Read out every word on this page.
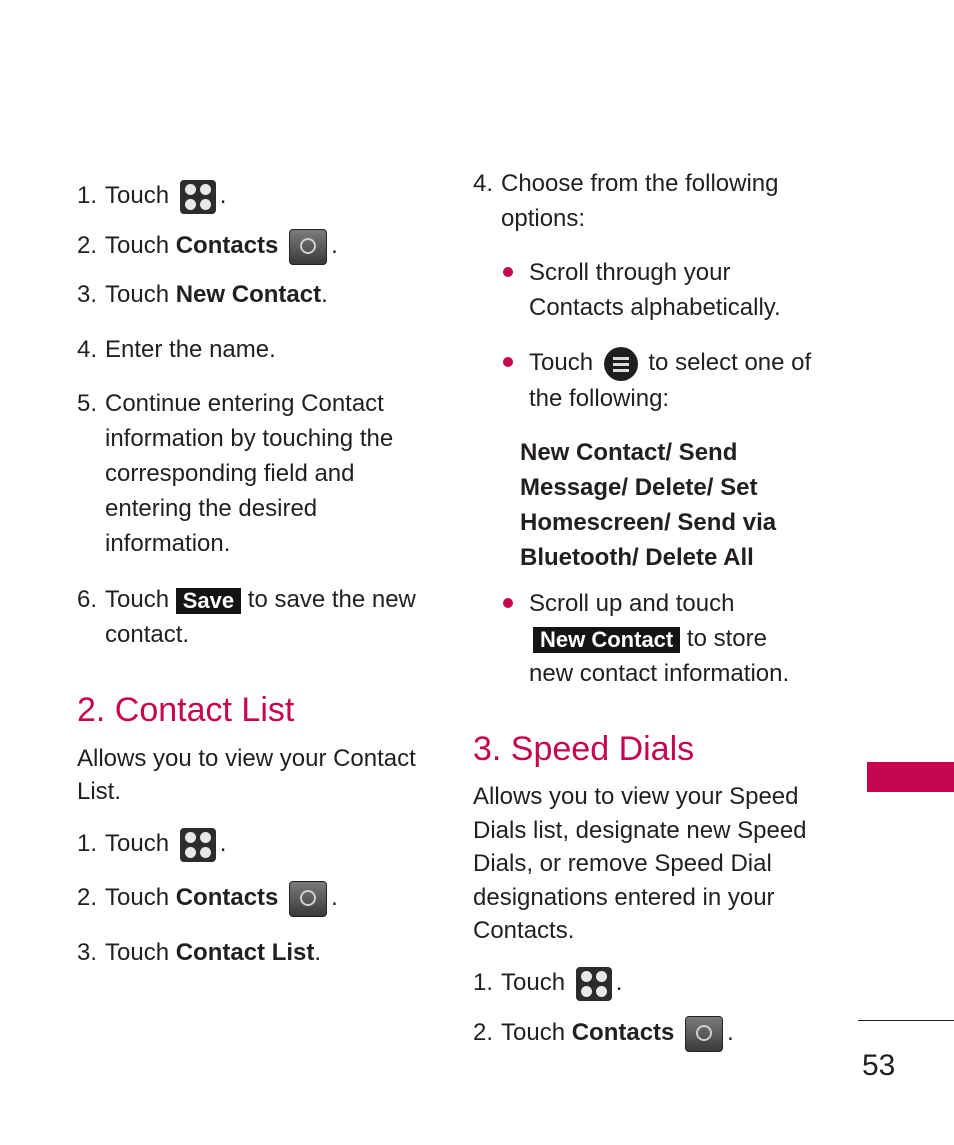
1. Touch .
2. Touch Contacts .
3. Touch New Contact.
4. Enter the name.
5. Continue entering Contact
information by touching the
corresponding field and
entering the desired
information.
6. Touch Save to save the new
contact.
2. Contact List
Allows you to view your Contact
List.
1. Touch .
2. Touch Contacts .
3. Touch Contact List.
4. Choose from the following
options:
Scroll through your
Contacts alphabetically.
Touch to select one of
the following:
New Contact/ Send
Message/ Delete/ Set
Homescreen/ Send via
Bluetooth/ Delete All
Scroll up and touch
New Contact to store
new contact information.
3. Speed Dials
Allows you to view your Speed
Dials list, designate new Speed
Dials, or remove Speed Dial
designations entered in your
Contacts.
1. Touch .
2. Touch Contacts .
53
